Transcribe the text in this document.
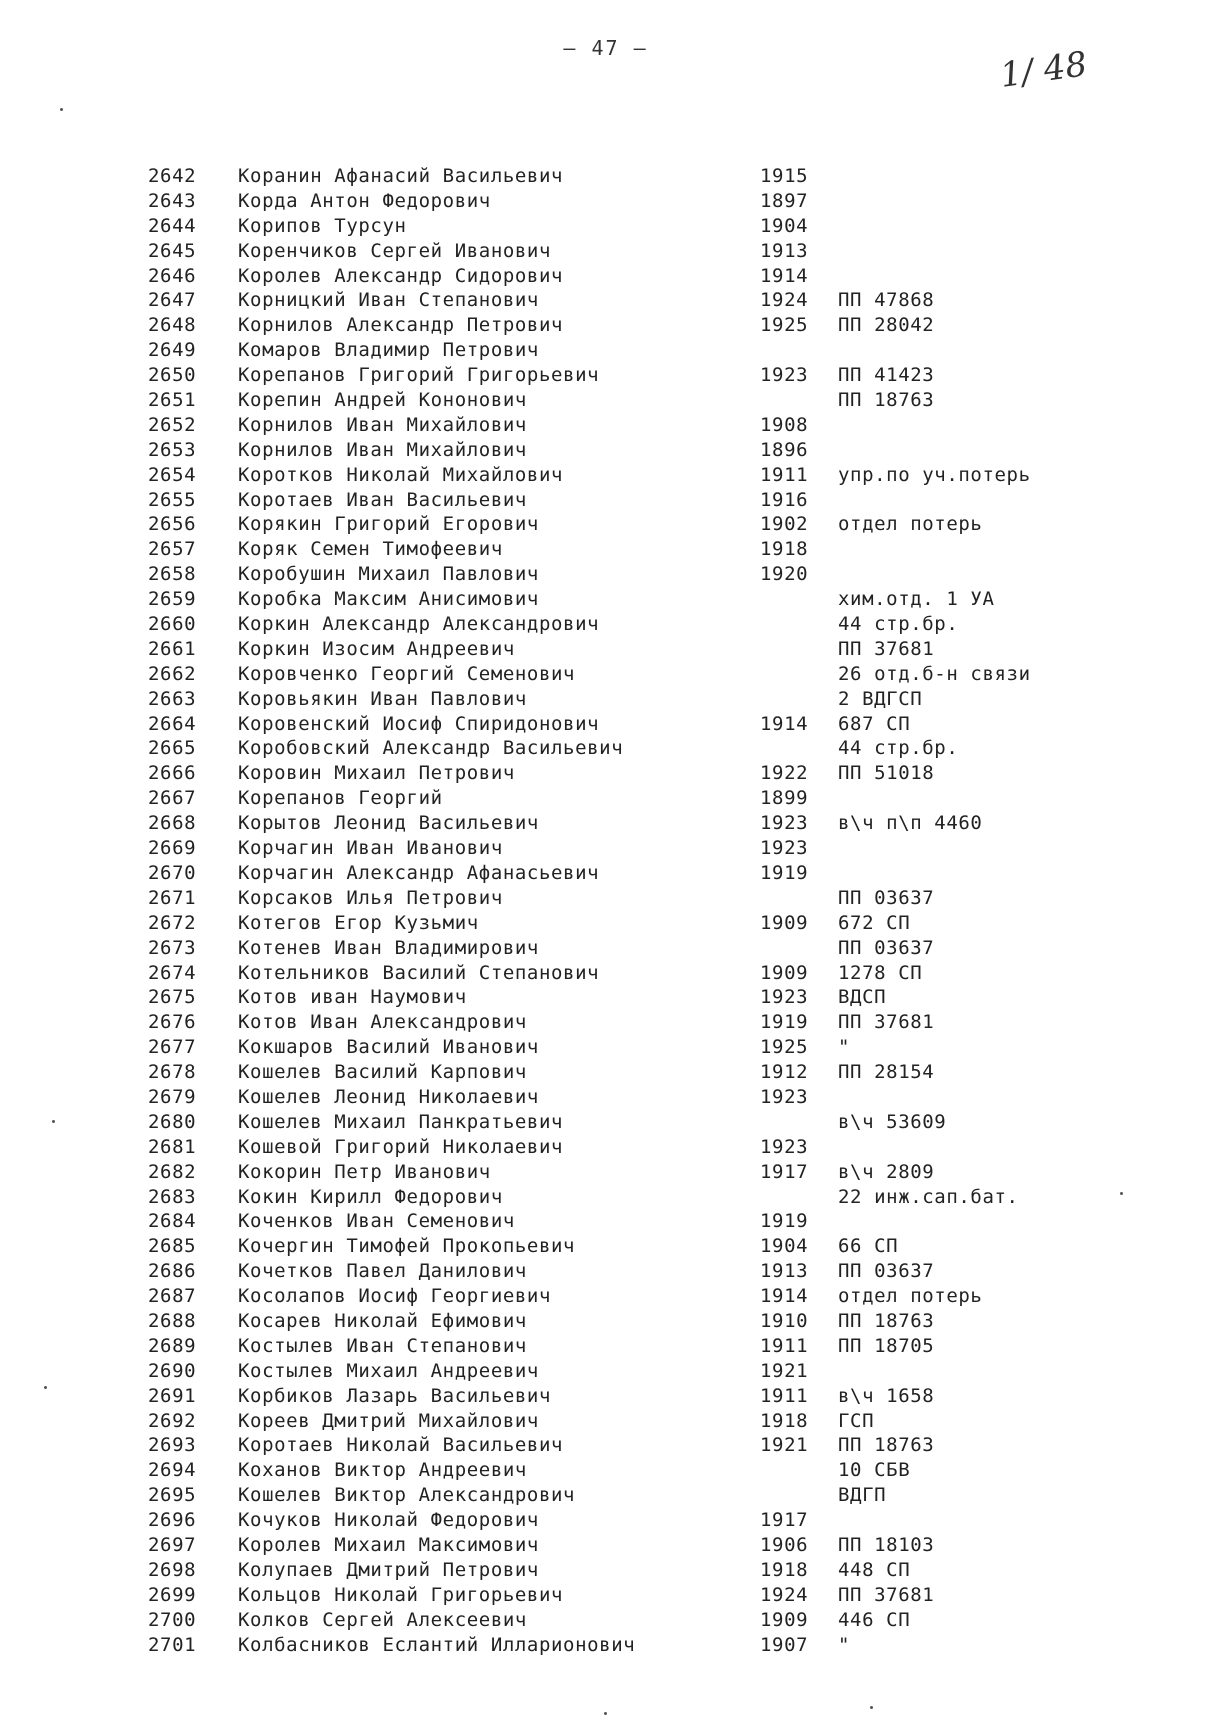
– 47 –	1/ 48
2642 Коранин Афанасий Васильевич	1915
2643 Корда Антон Федорович	1897
2644 Корипов Турсун	1904
2645 Коренчиков Сергей Иванович	1913
2646 Королев Александр Сидорович	1914
2647 Корницкий Иван Степанович	1924 ПП 47868
2648 Корнилов Александр Петрович	1925 ПП 28042
2649 Комаров Владимир Петрович
2650 Корепанов Григорий Григорьевич	1923 ПП 41423
2651 Корепин Андрей Кононович	ПП 18763
2652 Корнилов Иван Михайлович	1908
2653 Корнилов Иван Михайлович	1896
2654 Коротков Николай Михайлович	1911 упр.по уч.потерь
2655 Коротаев Иван Васильевич	1916
2656 Корякин Григорий Егорович	1902 отдел потерь
2657 Коряк Семен Тимофеевич	1918
2658 Коробушин Михаил Павлович	1920
2659 Коробка Максим Анисимович	хим.отд. 1 УА
2660 Коркин Александр Александрович	44 стр.бр.
2661 Коркин Изосим Андреевич	ПП 37681
2662 Коровченко Георгий Семенович	26 отд.б-н связи
2663 Коровьякин Иван Павлович	2 ВДГСП
2664 Коровенский Иосиф Спиридонович	1914 687 СП
2665 Коробовский Александр Васильевич	44 стр.бр.
2666 Коровин Михаил Петрович	1922 ПП 51018
2667 Корепанов Георгий	1899
2668 Корытов Леонид Васильевич	1923 в\ч п\п 4460
2669 Корчагин Иван Иванович	1923
2670 Корчагин Александр Афанасьевич	1919
2671 Корсаков Илья Петрович	ПП 03637
2672 Котегов Егор Кузьмич	1909 672 СП
2673 Котенев Иван Владимирович	ПП 03637
2674 Котельников Василий Степанович	1909 1278 СП
2675 Котов иван Наумович	1923 ВДСП
2676 Котов Иван Александрович	1919 ПП 37681
2677 Кокшаров Василий Иванович	1925 "
2678 Кошелев Василий Карпович	1912 ПП 28154
2679 Кошелев Леонид Николаевич	1923
2680 Кошелев Михаил Панкратьевич	в\ч 53609
2681 Кошевой Григорий Николаевич	1923
2682 Кокорин Петр Иванович	1917 в\ч 2809
2683 Кокин Кирилл Федорович	22 инж.сап.бат.
2684 Коченков Иван Семенович	1919
2685 Кочергин Тимофей Прокопьевич	1904 66 СП
2686 Кочетков Павел Данилович	1913 ПП 03637
2687 Косолапов Иосиф Георгиевич	1914 отдел потерь
2688 Косарев Николай Ефимович	1910 ПП 18763
2689 Костылев Иван Степанович	1911 ПП 18705
2690 Костылев Михаил Андреевич	1921
2691 Корбиков Лазарь Васильевич	1911 в\ч 1658
2692 Кореев Дмитрий Михайлович	1918 ГСП
2693 Коротаев Николай Васильевич	1921 ПП 18763
2694 Коханов Виктор Андреевич	10 СБВ
2695 Кошелев Виктор Александрович	ВДГП
2696 Кочуков Николай Федорович	1917
2697 Королев Михаил Максимович	1906 ПП 18103
2698 Колупаев Дмитрий Петрович	1918 448 СП
2699 Кольцов Николай Григорьевич	1924 ПП 37681
2700 Колков Сергей Алексеевич	1909 446 СП
2701 Колбасников Еслантий Илларионович	1907 "
